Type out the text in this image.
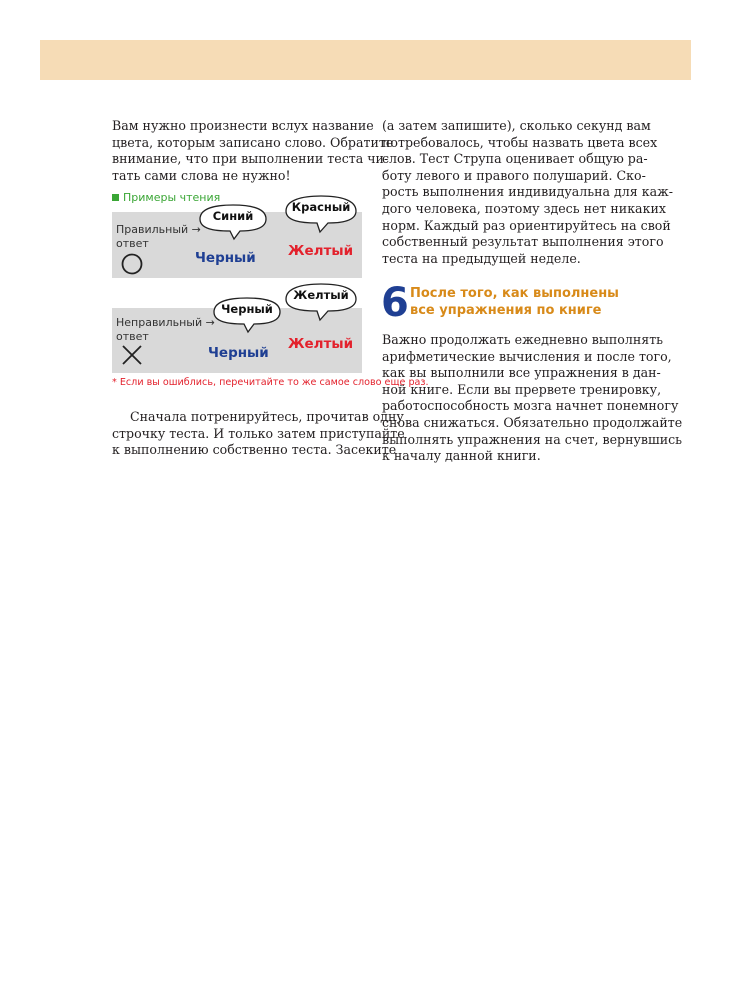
Вам нужно произнести вслух название
цвета, которым записано слово. Обратите
внимание, что при выполнении теста чи-
тать сами слова не нужно!
Примеры чтения
Правильный →
ответ
Синий
Красный
Черный Желтый
Неправильный →
ответ
Черный
Желтый
Черный
Желтый
* Если вы ошиблись, перечитайте то же самое слово еще раз.
Сначала потренируйтесь, прочитав одну
строчку теста. И только затем приступайте
к выполнению собственно теста. Засеките
(а затем запишите), сколько секунд вам
потребовалось, чтобы назвать цвета всех
слов. Тест Струпа оценивает общую ра-
боту левого и правого полушарий. Ско-
рость выполнения индивидуальна для каж-
дого человека, поэтому здесь нет никаких
норм. Каждый раз ориентируйтесь на свой
собственный результат выполнения этого
теста на предыдущей неделе.
6 После того, как выполнены
все упражнения по книге
Важно продолжать ежедневно выполнять
арифметические вычисления и после того,
как вы выполнили все упражнения в дан-
ной книге. Если вы прервете тренировку,
работоспособность мозга начнет понемногу
снова снижаться. Обязательно продолжайте
выполнять упражнения на счет, вернувшись
к началу данной книги.
